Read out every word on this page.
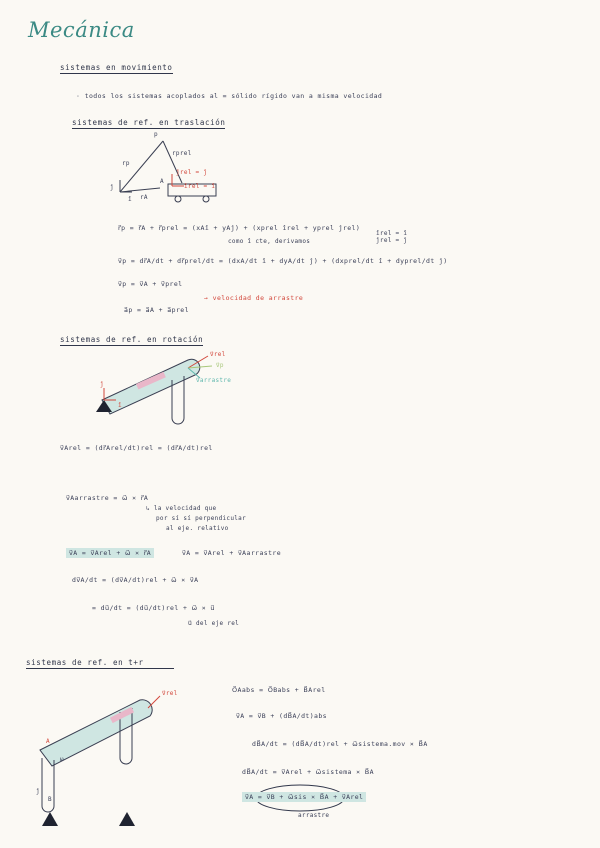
Mecánica
sistemas en movimiento
· todos los sistemas acoplados al = sólido rígido van a misma velocidad
sistemas de ref. en traslación
p
A
rp
rprel
rA
ĵrel = ĵ
îrel = î
ĵ
î
r⃗p = r⃗A + r⃗prel = (xAî + yAĵ) + (xprel îrel + yprel ĵrel)
como î cte, derivamos
îrel = î
ĵrel = ĵ
v⃗p = dr⃗A/dt + dr⃗prel/dt = (dxA/dt î + dyA/dt ĵ) + (dxprel/dt î + dyprel/dt ĵ)
v⃗p = v⃗A + v⃗prel
→ velocidad de arrastre
a⃗p = a⃗A + a⃗prel
sistemas de ref. en rotación
v⃗rel
v⃗p
v⃗arrastre
ĵ
î
v⃗Arel = (dr⃗Arel/dt)rel = (dr⃗A/dt)rel
v⃗Aarrastre = ω⃗ × r⃗A
↳ la velocidad que
por sí sí perpendicular
al eje. relativo
v⃗A = v⃗Arel + ω⃗ × r⃗A	v⃗A = v⃗Arel + v⃗Aarrastre
dv⃗A/dt = (dv⃗A/dt)rel + ω⃗ × v⃗A
= du⃗/dt = (du⃗/dt)rel + ω⃗ × u⃗
u⃗ del eje rel
sistemas de ref. en t+r
v⃗rel
A
B
ω
ĵ
O⃗Aabs = O⃗Babs + B⃗Arel
v⃗A = v⃗B + (dB⃗A/dt)abs
dB⃗A/dt = (dB⃗A/dt)rel + ω⃗sistema.mov × B⃗A
dB⃗A/dt = v⃗Arel + ω⃗sistema × B⃗A
v⃗A = v⃗B + ω⃗sis × B⃗A + v⃗Arel
arrastre
